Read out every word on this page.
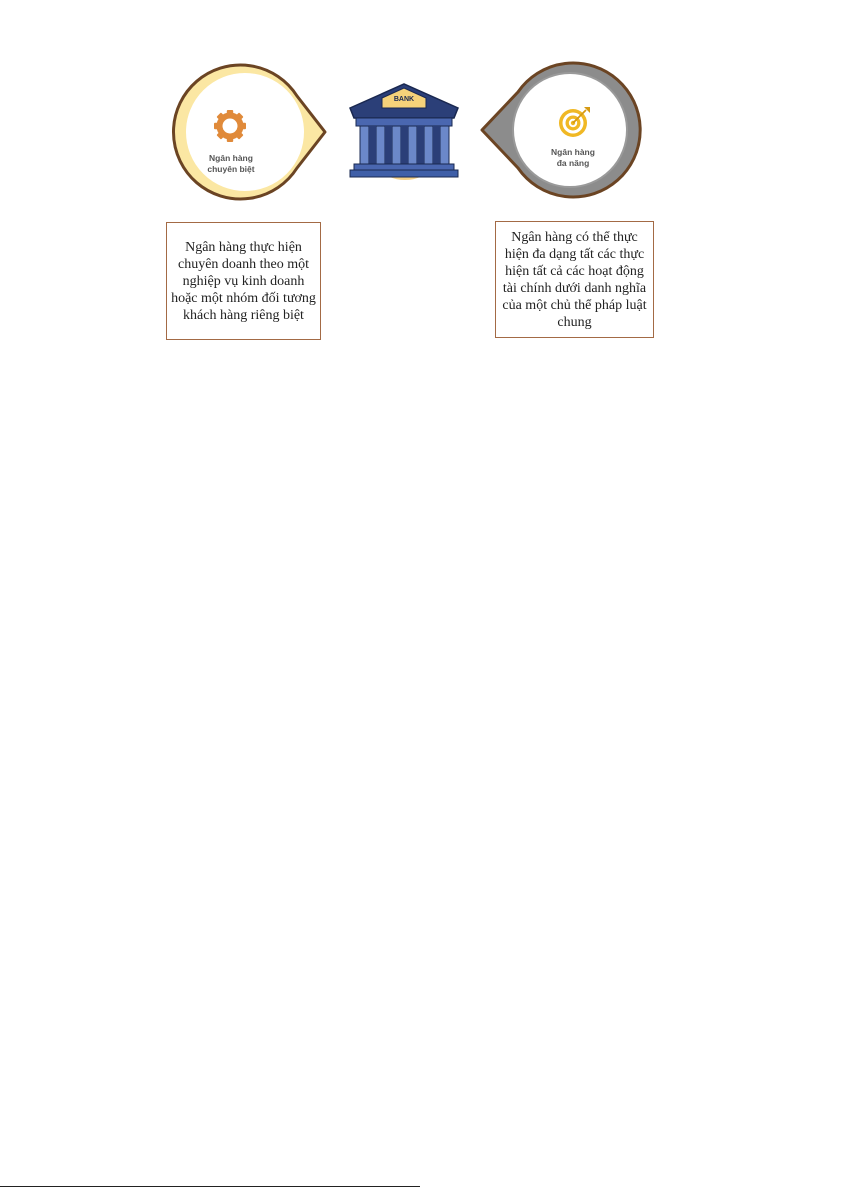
Ngân hàng
chuyên biệt
BANK
Ngân hàng
đa năng
Ngân hàng thực hiện chuyên doanh theo một nghiệp vụ kinh doanh hoặc một nhóm đối tương khách hàng riêng biệt
Ngân hàng có thể thực hiện đa dạng tất các thực hiện tất cả các hoạt động tài chính dưới danh nghĩa của một chủ thể pháp luật chung
